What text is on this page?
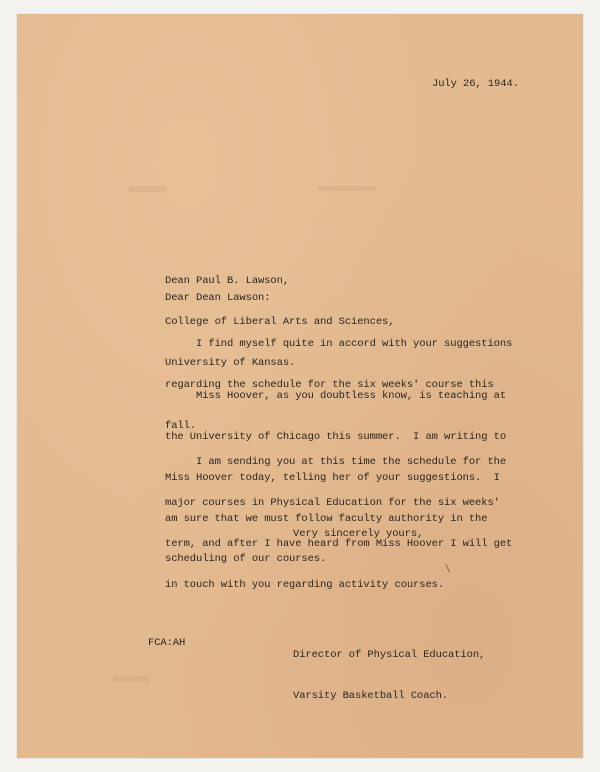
July 26, 1944.

Dean Paul B. Lawson,

College of Liberal Arts and Sciences,

University of Kansas.

Dear Dean Lawson:

I find myself quite in accord with your suggestions

regarding the schedule for the six weeks' course this

fall.

Miss Hoover, as you doubtless know, is teaching at

the University of Chicago this summer.  I am writing to

Miss Hoover today, telling her of your suggestions.  I

am sure that we must follow faculty authority in the

scheduling of our courses.

I am sending you at this time the schedule for the

major courses in Physical Education for the six weeks'

term, and after I have heard from Miss Hoover I will get

in touch with you regarding activity courses.

Very sincerely yours,

Director of Physical Education,

Varsity Basketball Coach.

FCA:AH
